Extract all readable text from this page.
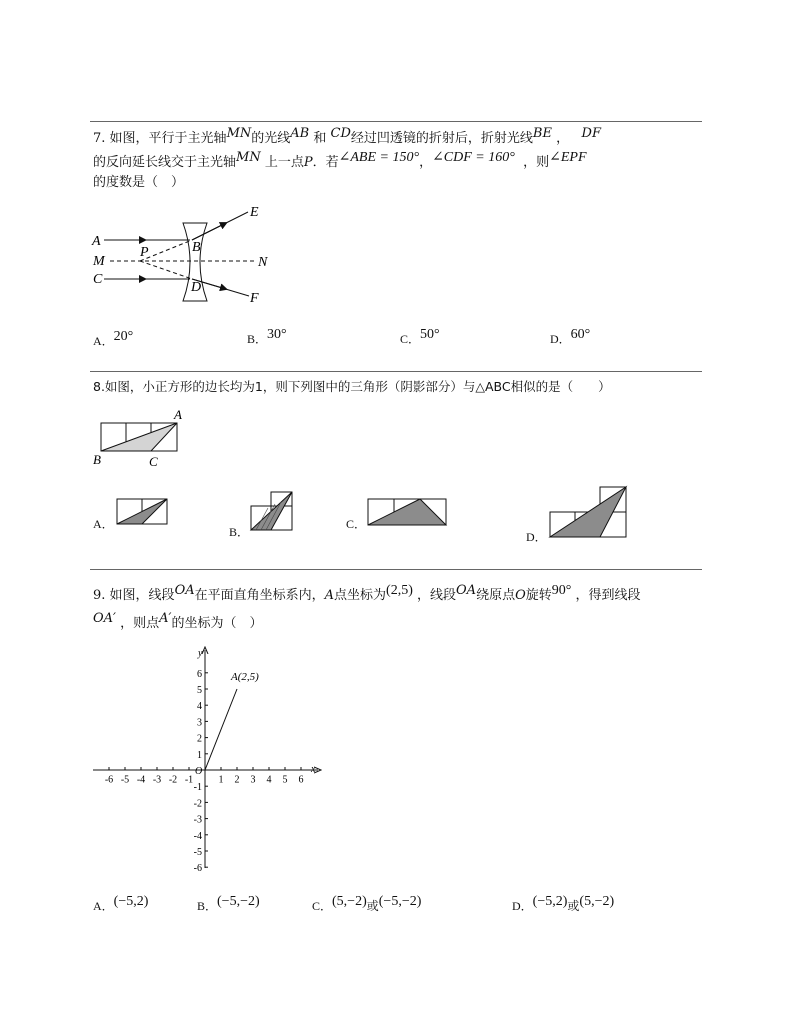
7. 如图，平行于主光轴MN的光线AB 和 CD经过凹透镜的折射后，折射光线BE ， DF
的反向延长线交于主光轴MN 上一点P．若∠ABE = 150°，∠CDF = 160° ，则∠EPF
的度数是（　）
A
M
C
P	B
D
E
F
N
A．20°	B．30°	C．50°	D．60°
8.如图，小正方形的边长均为1，则下列图中的三角形（阴影部分）与△ABC相似的是（　　）
A
B	C
A．
B．
C．
D．
9. 如图，线段OA在平面直角坐标系内，A点坐标为(2,5) ，线段OA绕原点O旋转90° ，得到线段
OA′ ，则点A′的坐标为（　）
x
y
O
A(2,5)
-6 -5 -4 -3 -2 -1	1 2 3 4 5 6
6
5
4
3
2
1
-1
-2
-3
-4
-5
-6
A．(−5,2)	B．(−5,−2)	C．(5,−2)或(−5,−2)	D．(−5,2)或(5,−2)
